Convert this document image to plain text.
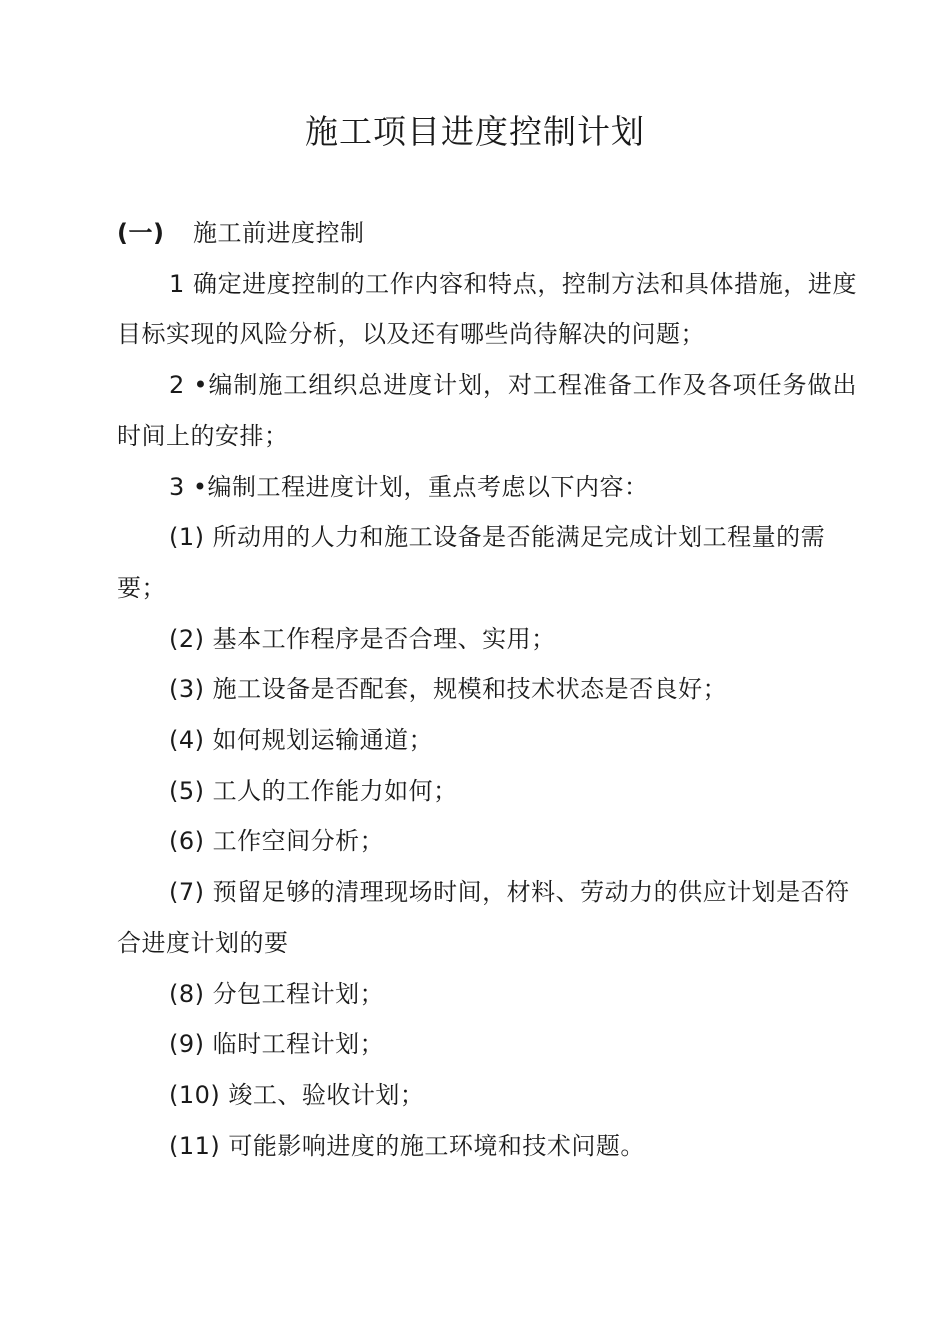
施工项目进度控制计划
(一)	施工前进度控制

1 确定进度控制的工作内容和特点，控制方法和具体措施，进度目标实现的风险分析，以及还有哪些尚待解决的问题；

2 •编制施工组织总进度计划，对工程准备工作及各项任务做出时间上的安排；

3 •编制工程进度计划，重点考虑以下内容：

(1) 所动用的人力和施工设备是否能满足完成计划工程量的需要；

(2) 基本工作程序是否合理、实用；

(3) 施工设备是否配套，规模和技术状态是否良好；

(4) 如何规划运输通道；

(5) 工人的工作能力如何；

(6) 工作空间分析；

(7) 预留足够的清理现场时间，材料、劳动力的供应计划是否符合进度计划的要

(8) 分包工程计划；

(9) 临时工程计划；

(10) 竣工、验收计划；

(11) 可能影响进度的施工环境和技术问题。
